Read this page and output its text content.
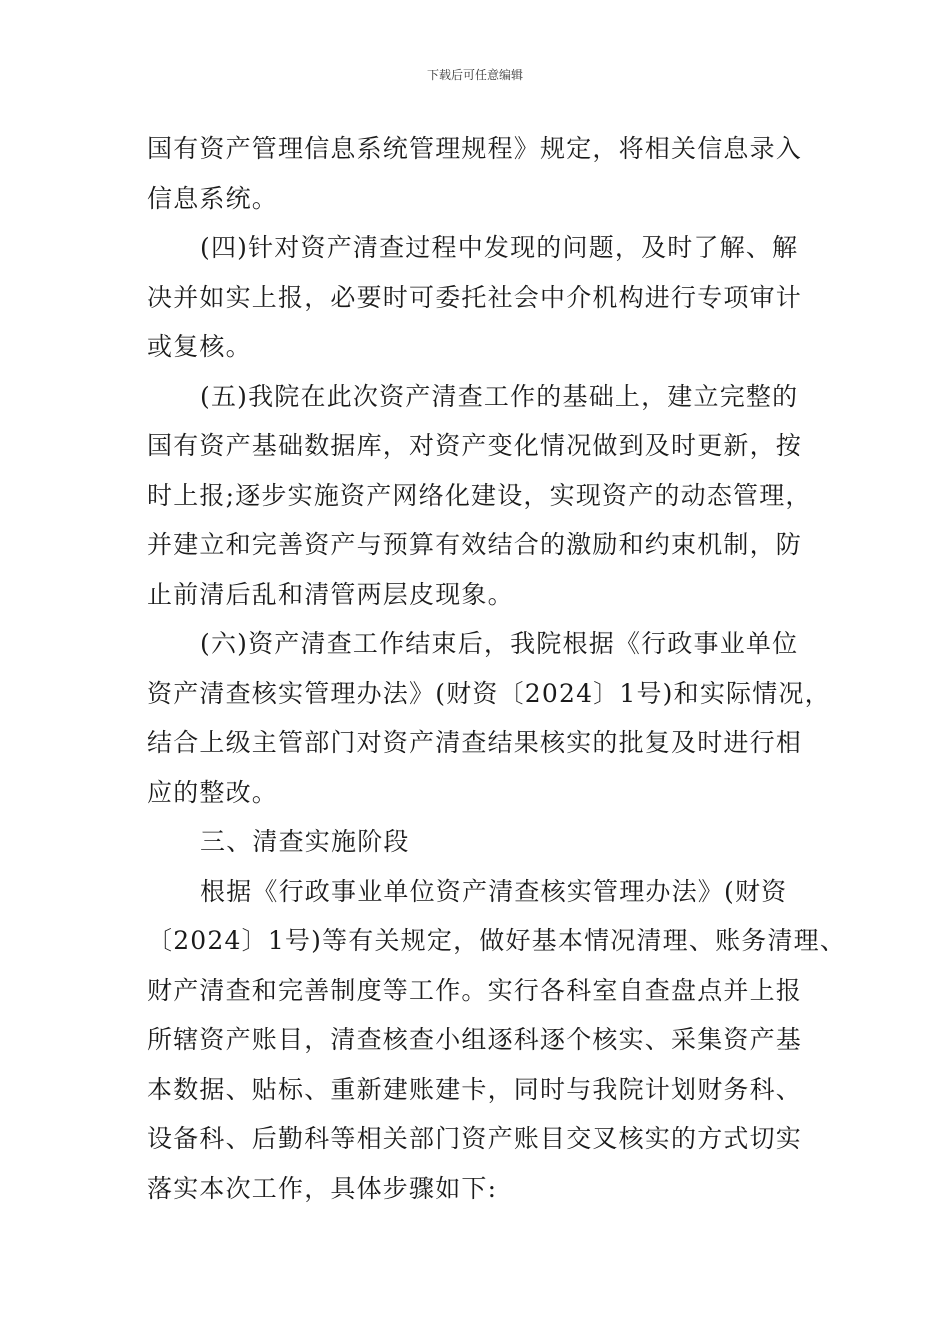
下载后可任意编辑
国有资产管理信息系统管理规程》规定，将相关信息录入
信息系统。
(四)针对资产清查过程中发现的问题，及时了解、解
决并如实上报，必要时可委托社会中介机构进行专项审计
或复核。
(五)我院在此次资产清查工作的基础上，建立完整的
国有资产基础数据库，对资产变化情况做到及时更新，按
时上报;逐步实施资产网络化建设，实现资产的动态管理，
并建立和完善资产与预算有效结合的激励和约束机制，防
止前清后乱和清管两层皮现象。
(六)资产清查工作结束后，我院根据《行政事业单位
资产清查核实管理办法》(财资〔2024〕1号)和实际情况，
结合上级主管部门对资产清查结果核实的批复及时进行相
应的整改。
三、清查实施阶段
根据《行政事业单位资产清查核实管理办法》(财资
〔2024〕1号)等有关规定，做好基本情况清理、账务清理、
财产清查和完善制度等工作。实行各科室自查盘点并上报
所辖资产账目，清查核查小组逐科逐个核实、采集资产基
本数据、贴标、重新建账建卡，同时与我院计划财务科、
设备科、后勤科等相关部门资产账目交叉核实的方式切实
落实本次工作，具体步骤如下:
